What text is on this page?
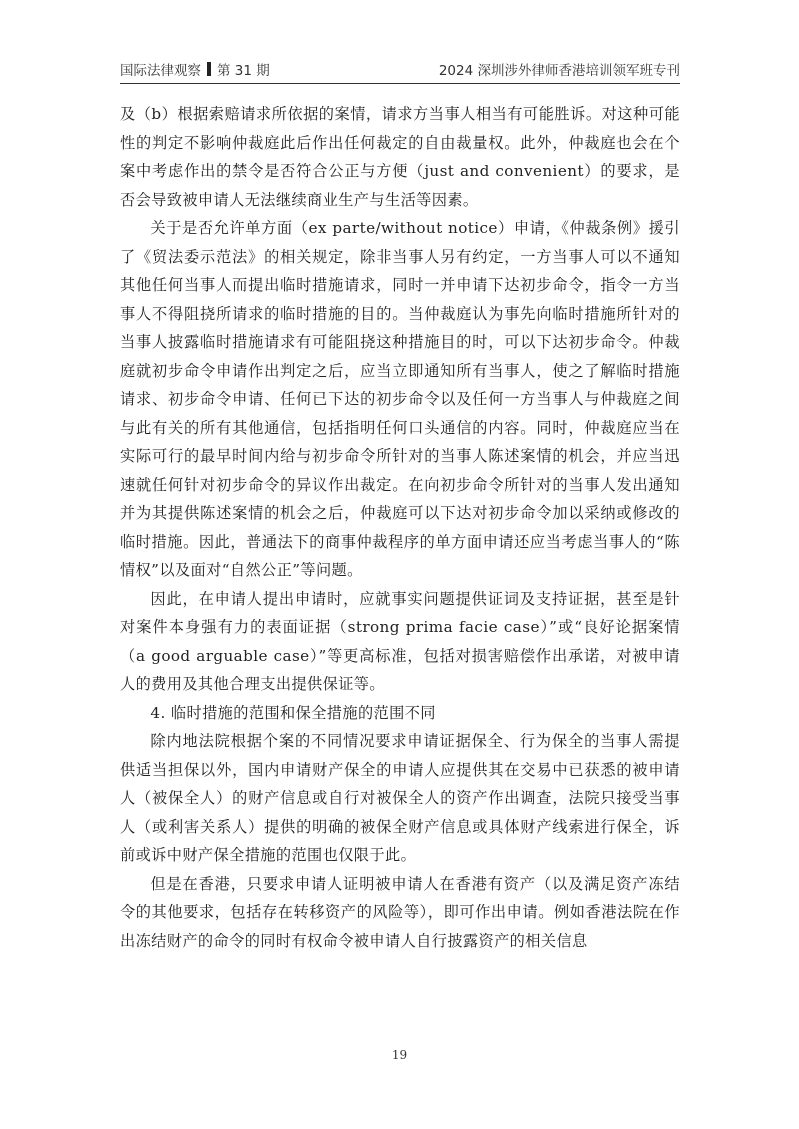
国际法律观察 第 31 期	2024 深圳涉外律师香港培训领军班专刊

及（b）根据索赔请求所依据的案情，请求方当事人相当有可能胜诉。对这种可能性的判定不影响仲裁庭此后作出任何裁定的自由裁量权。此外，仲裁庭也会在个案中考虑作出的禁令是否符合公正与方便（just and convenient）的要求，是否会导致被申请人无法继续商业生产与生活等因素。

关于是否允许单方面（ex parte/without notice）申请，《仲裁条例》援引了《贸法委示范法》的相关规定，除非当事人另有约定，一方当事人可以不通知其他任何当事人而提出临时措施请求，同时一并申请下达初步命令，指令一方当事人不得阻挠所请求的临时措施的目的。当仲裁庭认为事先向临时措施所针对的当事人披露临时措施请求有可能阻挠这种措施目的时，可以下达初步命令。仲裁庭就初步命令申请作出判定之后，应当立即通知所有当事人，使之了解临时措施请求、初步命令申请、任何已下达的初步命令以及任何一方当事人与仲裁庭之间与此有关的所有其他通信，包括指明任何口头通信的内容。同时，仲裁庭应当在实际可行的最早时间内给与初步命令所针对的当事人陈述案情的机会，并应当迅速就任何针对初步命令的异议作出裁定。在向初步命令所针对的当事人发出通知并为其提供陈述案情的机会之后，仲裁庭可以下达对初步命令加以采纳或修改的临时措施。因此，普通法下的商事仲裁程序的单方面申请还应当考虑当事人的“陈情权”以及面对“自然公正”等问题。

因此，在申请人提出申请时，应就事实问题提供证词及支持证据，甚至是针对案件本身强有力的表面证据（strong prima facie case）”或“良好论据案情（a good arguable case）”等更高标准，包括对损害赔偿作出承诺，对被申请人的费用及其他合理支出提供保证等。

4. 临时措施的范围和保全措施的范围不同

除内地法院根据个案的不同情况要求申请证据保全、行为保全的当事人需提供适当担保以外，国内申请财产保全的申请人应提供其在交易中已获悉的被申请人（被保全人）的财产信息或自行对被保全人的资产作出调查，法院只接受当事人（或利害关系人）提供的明确的被保全财产信息或具体财产线索进行保全，诉前或诉中财产保全措施的范围也仅限于此。

但是在香港，只要求申请人证明被申请人在香港有资产（以及满足资产冻结令的其他要求，包括存在转移资产的风险等），即可作出申请。例如香港法院在作出冻结财产的命令的同时有权命令被申请人自行披露资产的相关信息

19
